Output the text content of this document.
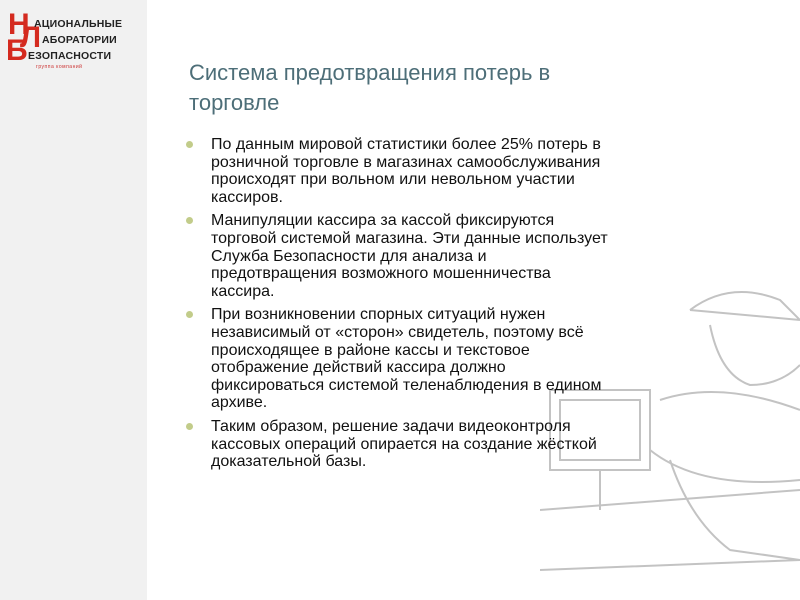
Н
Л
Б
АЦИОНАЛЬНЫЕ
АБОРАТОРИИ
ЕЗОПАСНОСТИ
группа компаний	Система предотвращения потерь в
торговле
По данным мировой статистики более 25% потерь в
розничной торговле в магазинах самообслуживания
происходят при вольном или невольном участии
кассиров.
Манипуляции кассира за кассой фиксируются
торговой системой магазина. Эти данные использует
Служба Безопасности для анализа и
предотвращения возможного мошенничества
кассира.
При возникновении спорных ситуаций нужен
независимый от «сторон» свидетель, поэтому всё
происходящее в районе кассы и текстовое
отображение действий кассира должно
фиксироваться системой теленаблюдения в едином
архиве.
Таким образом, решение задачи видеоконтроля
кассовых операций опирается на создание жёсткой
доказательной базы.
